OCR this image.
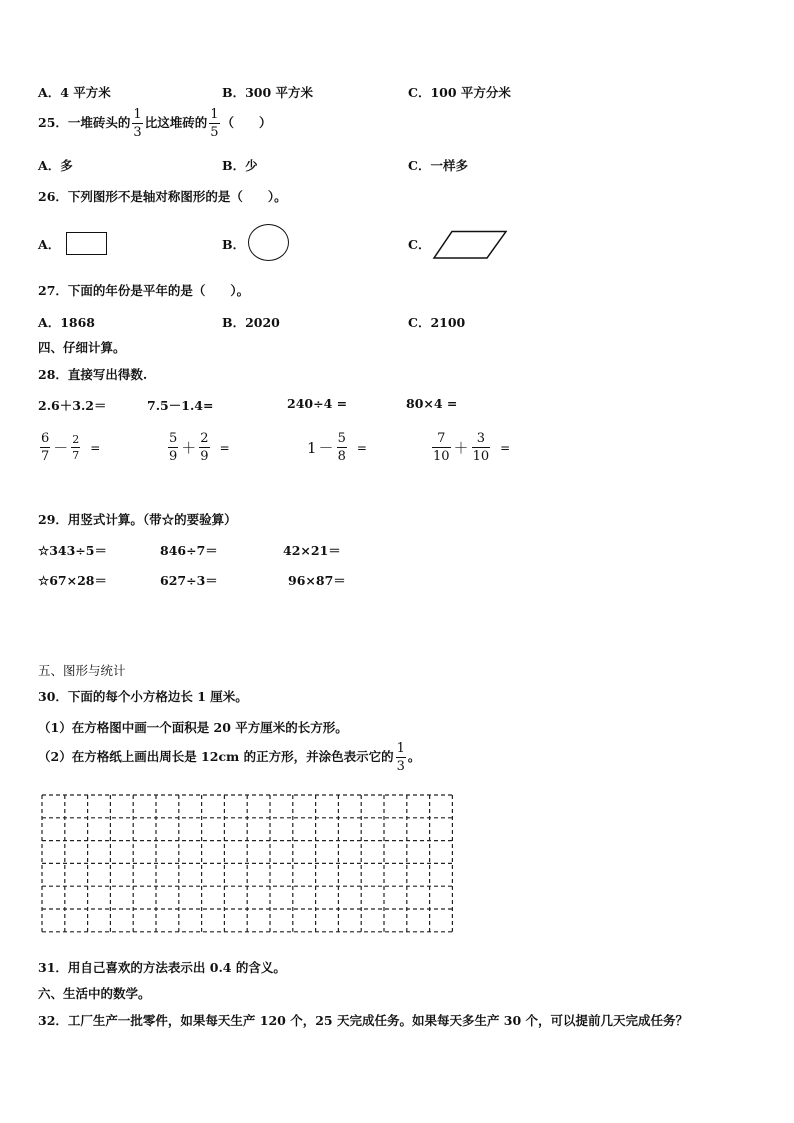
A．4 平方米	B．300 平方米	C．100 平方分米
25．一堆砖头的 $\frac{1}{3}$ 比这堆砖的 $\frac{1}{5}$ （　　）
A．多	B．少	C．一样多
26．下列图形不是轴对称图形的是（　　）。
A．	B．	C．
27．下面的年份是平年的是（　　）。
A．1868	B．2020	C．2100
四、仔细计算。
28．直接写出得数.
2.6＋3.2＝	7.5－1.4=	240÷4 =	80×4 =
$\frac{6}{7} - \frac{2}{7}$ =	$\frac{5}{9} + \frac{2}{9}$ =	$1 - \frac{5}{8}$ =	$\frac{7}{10} + \frac{3}{10}$ =
29．用竖式计算。（带☆的要验算）
☆343÷5＝	846÷7＝	42×21＝
☆67×28＝	627÷3＝	96×87＝
五、图形与统计
30．下面的每个小方格边长 1 厘米。
（1）在方格图中画一个面积是 20 平方厘米的长方形。
（2）在方格纸上画出周长是 12cm 的正方形，并涂色表示它的 $\frac{1}{3}$ 。
31．用自己喜欢的方法表示出 0.4 的含义。
六、生活中的数学。
32．工厂生产一批零件，如果每天生产 120 个，25 天完成任务。如果每天多生产 30 个，可以提前几天完成任务？
